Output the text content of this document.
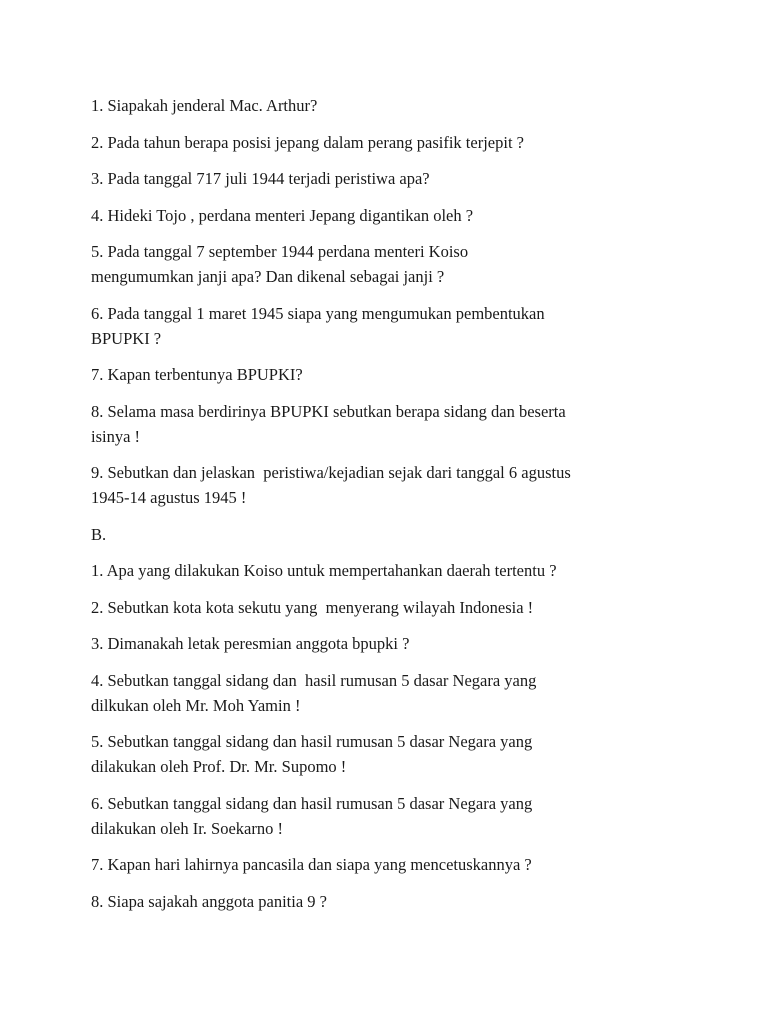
1. Siapakah jenderal Mac. Arthur?

2. Pada tahun berapa posisi jepang dalam perang pasifik terjepit ?

3. Pada tanggal 717 juli 1944 terjadi peristiwa apa?

4. Hideki Tojo , perdana menteri Jepang digantikan oleh ?

5. Pada tanggal 7 september 1944 perdana menteri Koiso
mengumumkan janji apa? Dan dikenal sebagai janji ?

6. Pada tanggal 1 maret 1945 siapa yang mengumukan pembentukan
BPUPKI ?

7. Kapan terbentunya BPUPKI?

8. Selama masa berdirinya BPUPKI sebutkan berapa sidang dan beserta
isinya !

9. Sebutkan dan jelaskan  peristiwa/kejadian sejak dari tanggal 6 agustus
1945-14 agustus 1945 !

B.

1. Apa yang dilakukan Koiso untuk mempertahankan daerah tertentu ?

2. Sebutkan kota kota sekutu yang  menyerang wilayah Indonesia !

3. Dimanakah letak peresmian anggota bpupki ?

4. Sebutkan tanggal sidang dan  hasil rumusan 5 dasar Negara yang
dilkukan oleh Mr. Moh Yamin !

5. Sebutkan tanggal sidang dan hasil rumusan 5 dasar Negara yang
dilakukan oleh Prof. Dr. Mr. Supomo !

6. Sebutkan tanggal sidang dan hasil rumusan 5 dasar Negara yang
dilakukan oleh Ir. Soekarno !

7. Kapan hari lahirnya pancasila dan siapa yang mencetuskannya ?

8. Siapa sajakah anggota panitia 9 ?
